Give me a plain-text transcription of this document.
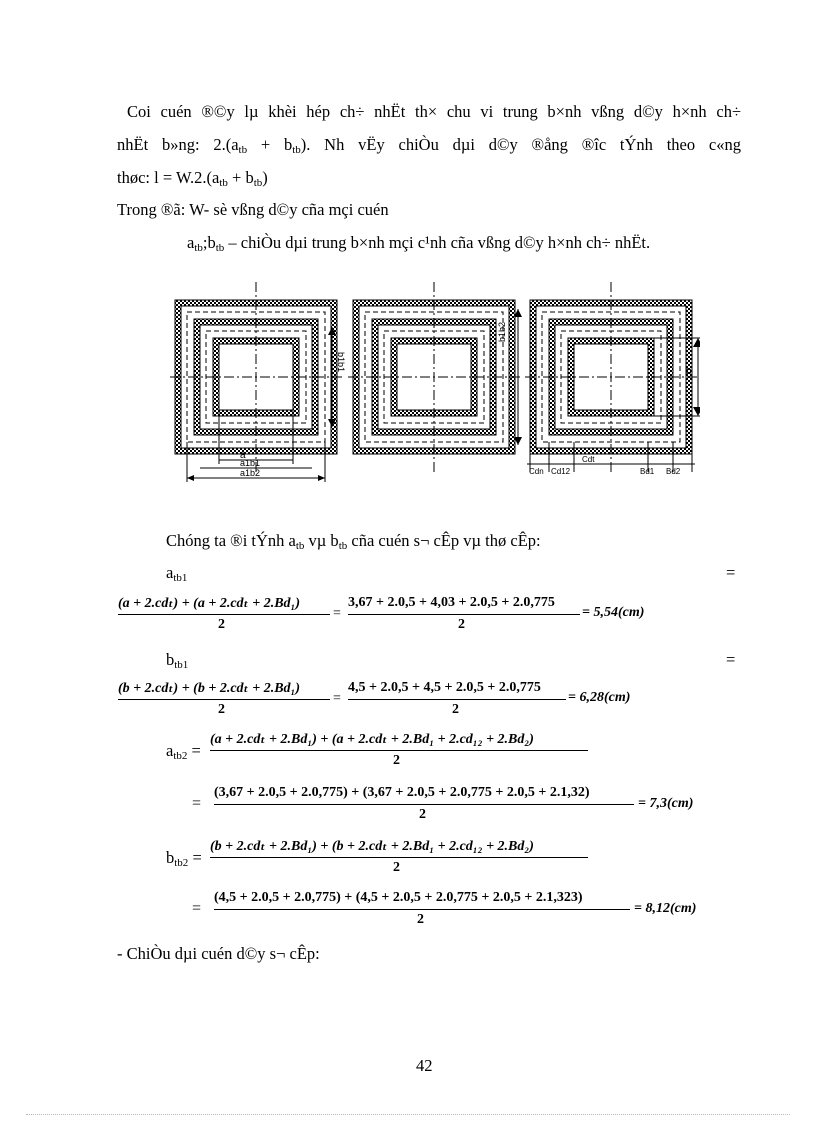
Coi cuén ®©y lµ khèi hép ch÷ nhËt th× chu vi trung b×nh vßng d©y h×nh ch÷
nhËt b»ng: $2.(a_{tb} + b_{tb})$. Nh vËy chiÒu dµi d©y ®ång ®îc tÝnh theo c«ng
thøc: $l = W.2.(a_{tb} + b_{tb})$
Trong ®ã: W- sè vßng d©y cña mçi cuén
$a_{tb};b_{tb}$ – chiÒu dµi trung b×nh mçi c¹nh cña vßng d©y h×nh ch÷ nhËt.
a
a1b1
a1b2
b1b1
b1b2
b
Cdn Cd12
Cdt
Bd1 Bd2
Chóng ta ®i tÝnh $a_{tb}$ vµ $b_{tb}$ cña cuén s¬ cÊp vµ thø cÊp:
$a_{tb1}$	=
(a + 2.cdₜ) + (a + 2.cdₜ + 2.Bd₁)
2
=
3,67 + 2.0,5 + 4,03 + 2.0,5 + 2.0,775
2
= 5,54(cm)
$b_{tb1}$	=
(b + 2.cdₜ) + (b + 2.cdₜ + 2.Bd₁)
2
=
4,5 + 2.0,5 + 4,5 + 2.0,5 + 2.0,775
2
= 6,28(cm)
$a_{tb2}$ =
(a + 2.cdₜ + 2.Bd₁) + (a + 2.cdₜ + 2.Bd₁ + 2.cd₁₂ + 2.Bd₂)
2
=
(3,67 + 2.0,5 + 2.0,775) + (3,67 + 2.0,5 + 2.0,775 + 2.0,5 + 2.1,32)
2
= 7,3(cm)
$b_{tb2}$ =
(b + 2.cdₜ + 2.Bd₁) + (b + 2.cdₜ + 2.Bd₁ + 2.cd₁₂ + 2.Bd₂)
2
=
(4,5 + 2.0,5 + 2.0,775) + (4,5 + 2.0,5 + 2.0,775 + 2.0,5 + 2.1,323)
2
= 8,12(cm)
- ChiÒu dµi cuén d©y s¬ cÊp:
42
